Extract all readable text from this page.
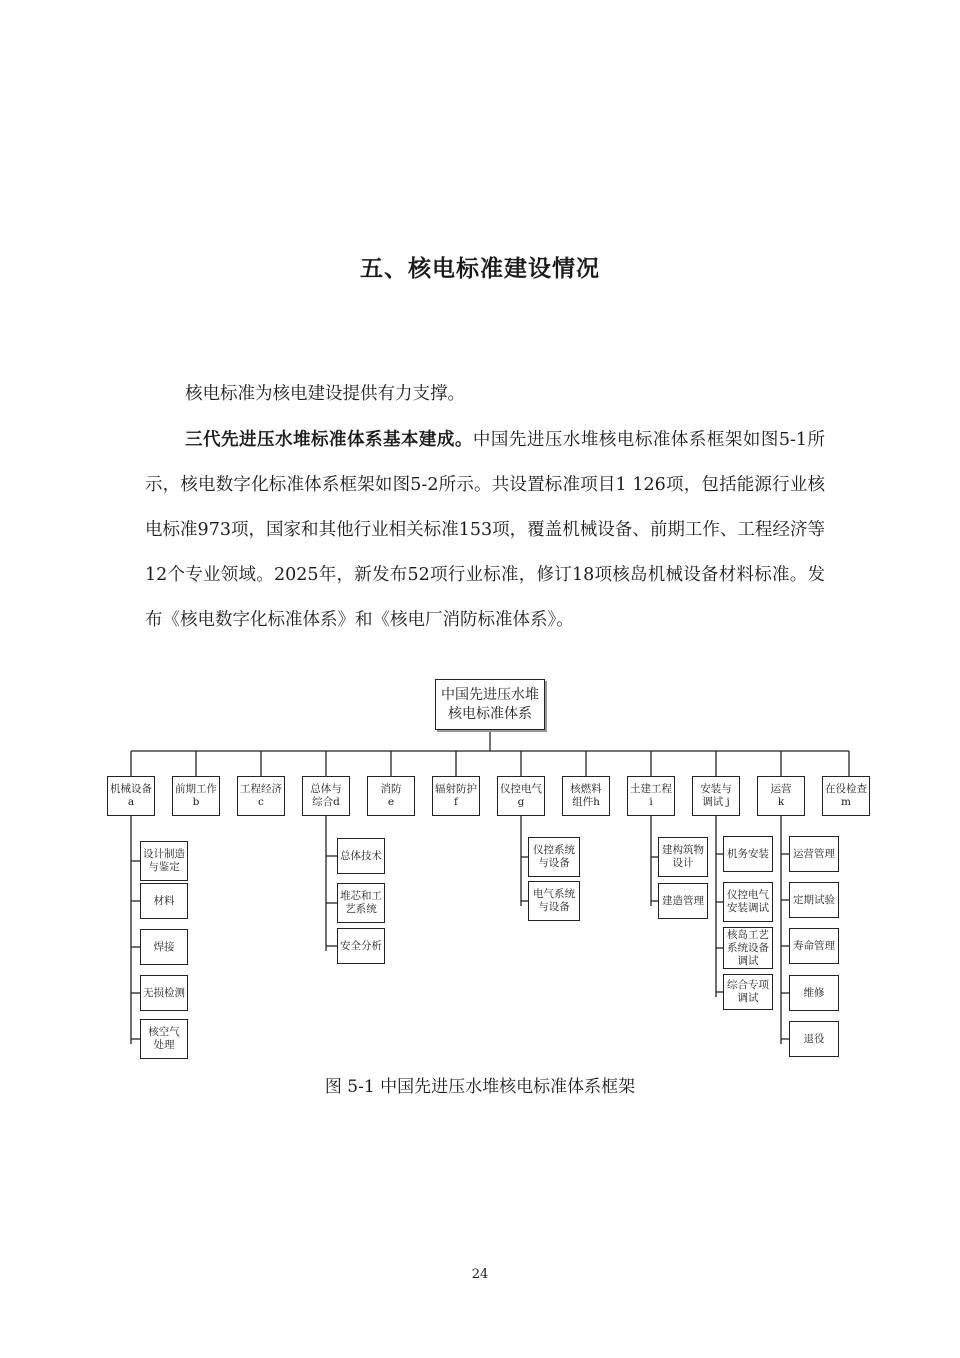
五、核电标准建设情况

核电标准为核电建设提供有力支撑。

三代先进压水堆标准体系基本建成。中国先进压水堆核电标准体系框架如图5-1所示，核电数字化标准体系框架如图5-2所示。共设置标准项目1 126项，包括能源行业核电标准973项，国家和其他行业相关标准153项，覆盖机械设备、前期工作、工程经济等12个专业领域。2025年，新发布52项行业标准，修订18项核岛机械设备材料标准。发布《核电数字化标准体系》和《核电厂消防标准体系》。

中国先进压水堆
核电标准体系
机械设备
a
前期工作
b
工程经济
c
总体与
综合d
消防
e
辐射防护
f
仪控电气
g
核燃料
组件h
土建工程
i
安装与
调试 j
运营
k
在役检查
m
设计制造
与鉴定
材料
焊接
无损检测
核空气
处理
总体技术
堆芯和工
艺系统
安全分析
仪控系统
与设备
电气系统
与设备
建构筑物
设计
建造管理
机务安装
仪控电气
安装调试
核岛工艺
系统设备
调试
综合专项
调试
运营管理
定期试验
寿命管理
维修
退役
图 5-1 中国先进压水堆核电标准体系框架
24
